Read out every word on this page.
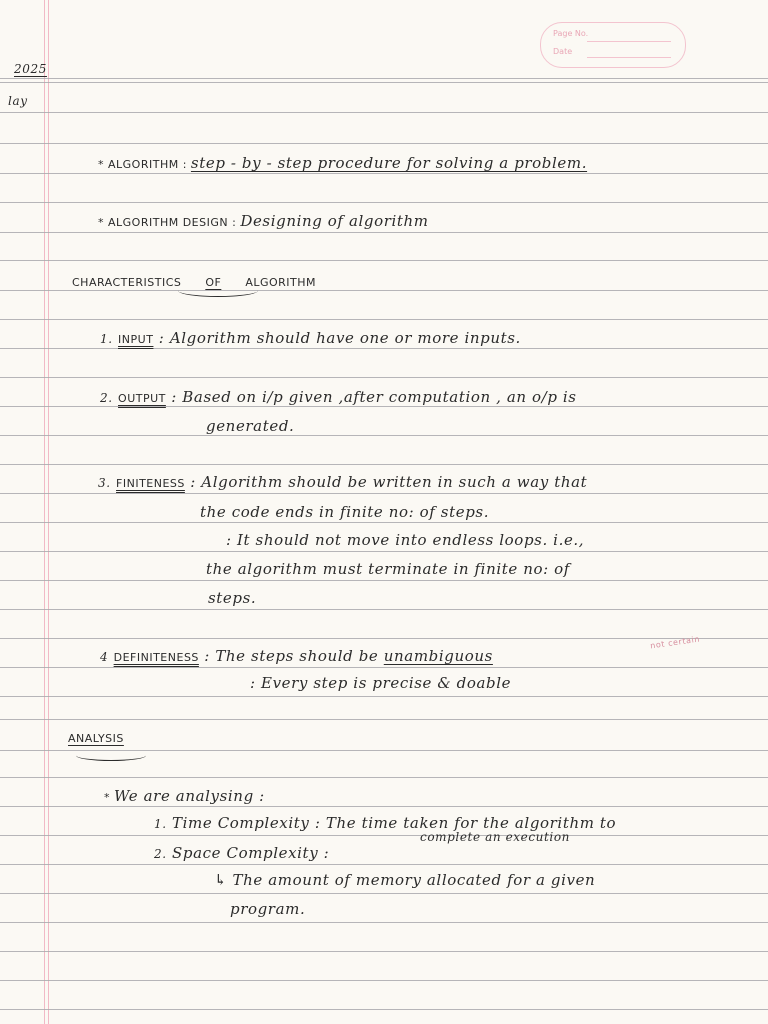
Page No.
Date
2025
lay
* ALGORITHM : step - by - step procedure for solving a problem.
* ALGORITHM DESIGN : Designing of algorithm
CHARACTERISTICS OF ALGORITHM
1. INPUT : Algorithm should have one or more inputs.
2. OUTPUT : Based on i/p given ,after computation , an o/p is
generated.
3. FINITENESS : Algorithm should be written in such a way that
the code ends in finite no: of steps.
: It should not move into endless loops. i.e.,
the algorithm must terminate in finite no: of
steps.
4 DEFINITENESS : The steps should be unambiguous
not certain
: Every step is precise & doable
ANALYSIS
* We are analysing :
1. Time Complexity : The time taken for the algorithm to
complete an execution
2. Space Complexity :
↳ The amount of memory allocated for a given
program.
